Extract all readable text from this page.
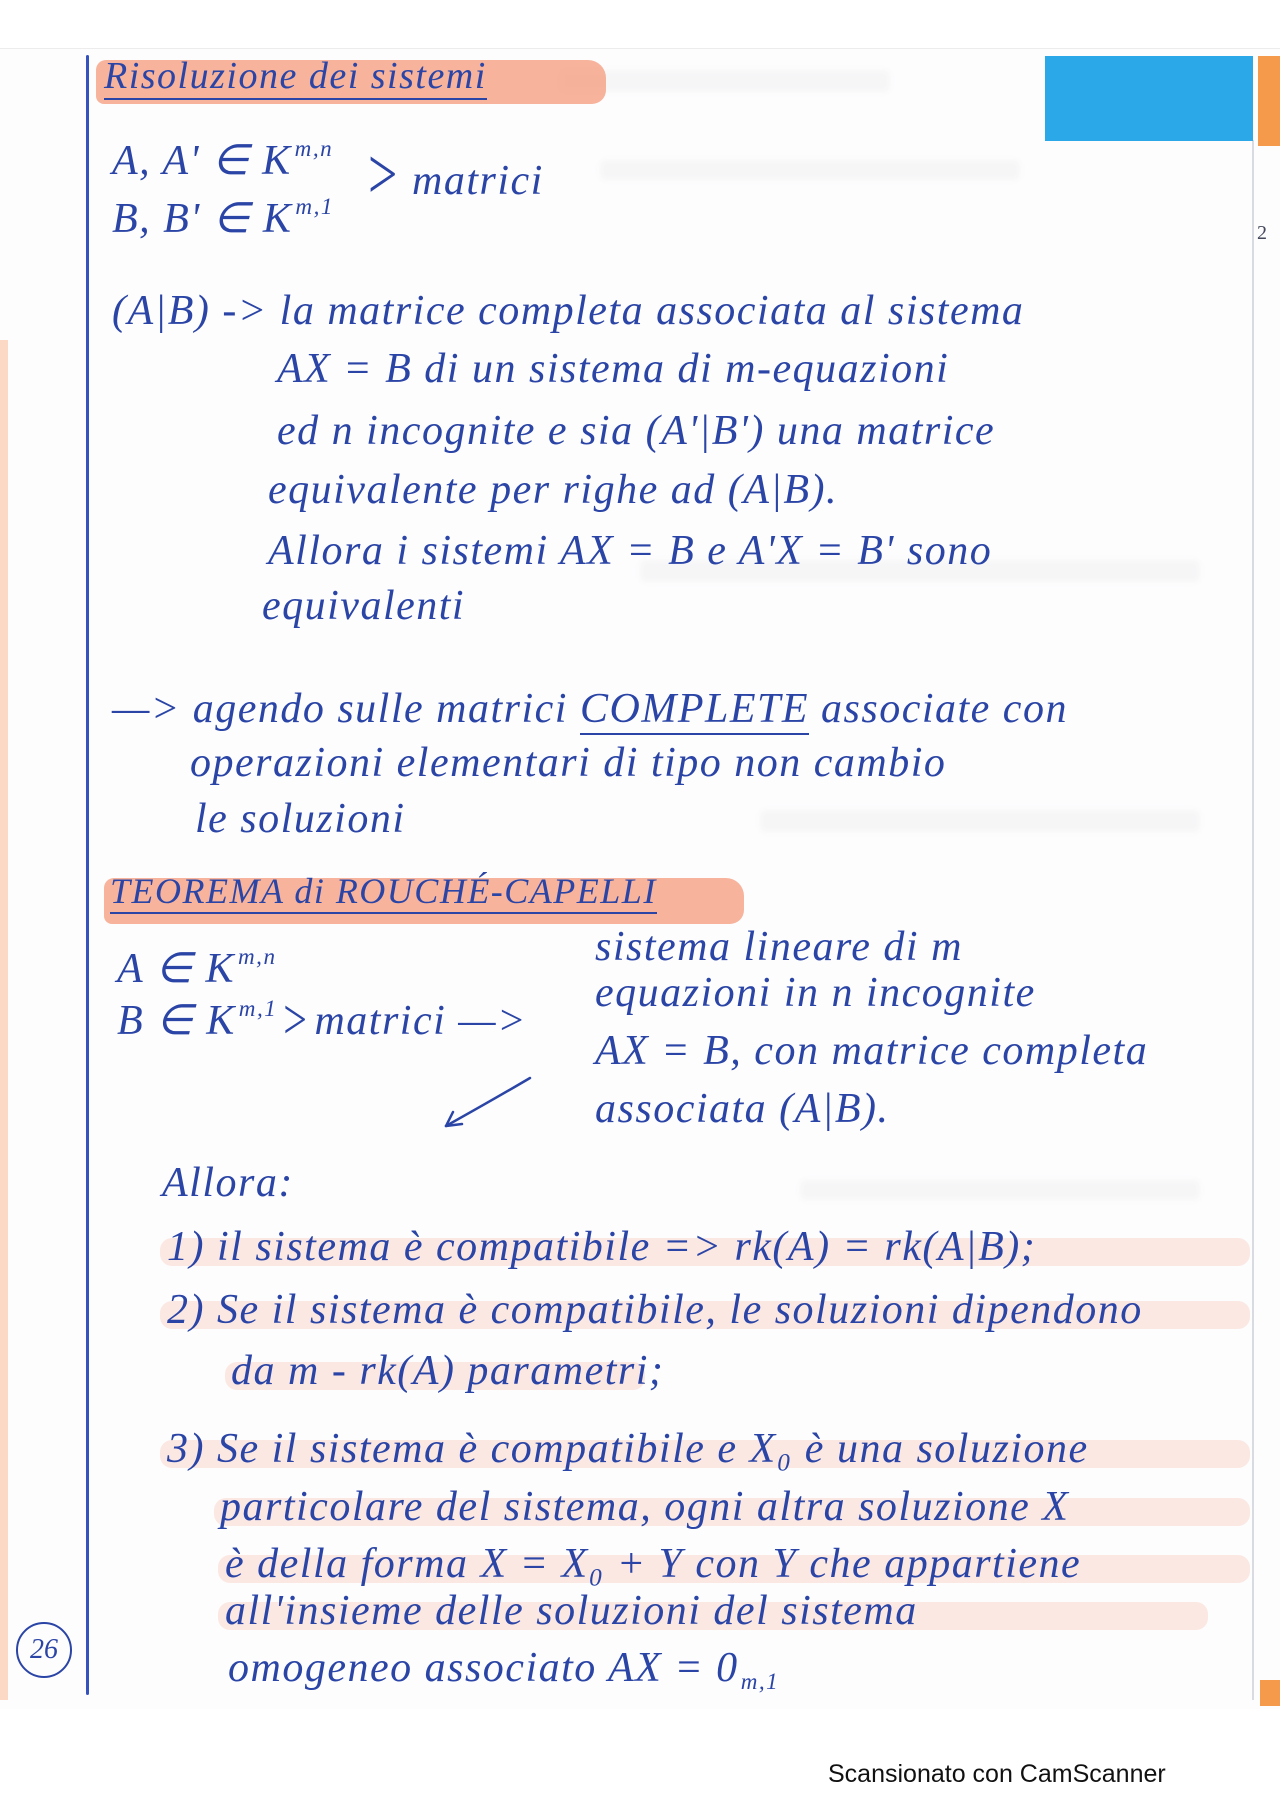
2
Risoluzione dei sistemi
A, A' ∈ K $^{m,n}$
B, B' ∈ K $^{m,1}$ > matrici
(A|B) -> la matrice completa associata al sistema
AX = B di un sistema di m-equazioni
ed n incognite e sia (A'|B') una matrice
equivalente per righe ad (A|B).
Allora i sistemi AX = B e A'X = B' sono
equivalenti
—> agendo sulle matrici COMPLETE associate con
operazioni elementari di tipo non cambio
le soluzioni
TEOREMA di ROUCHÉ-CAPELLI
A ∈ K $^{m,n}$
B ∈ K $^{m,1}$ > matrici —>
sistema lineare di m
equazioni in n incognite
AX = B, con matrice completa
associata (A|B).
Allora:
1) il sistema è compatibile => rk(A) = rk(A|B);
2) Se il sistema è compatibile, le soluzioni dipendono
da m - rk(A) parametri;
3) Se il sistema è compatibile e X₀ è una soluzione
particolare del sistema, ogni altra soluzione X
è della forma X = X₀ + Y con Y che appartiene
all'insieme delle soluzioni del sistema
omogeneo associato AX = 0m,1
26
Scansionato con CamScanner
